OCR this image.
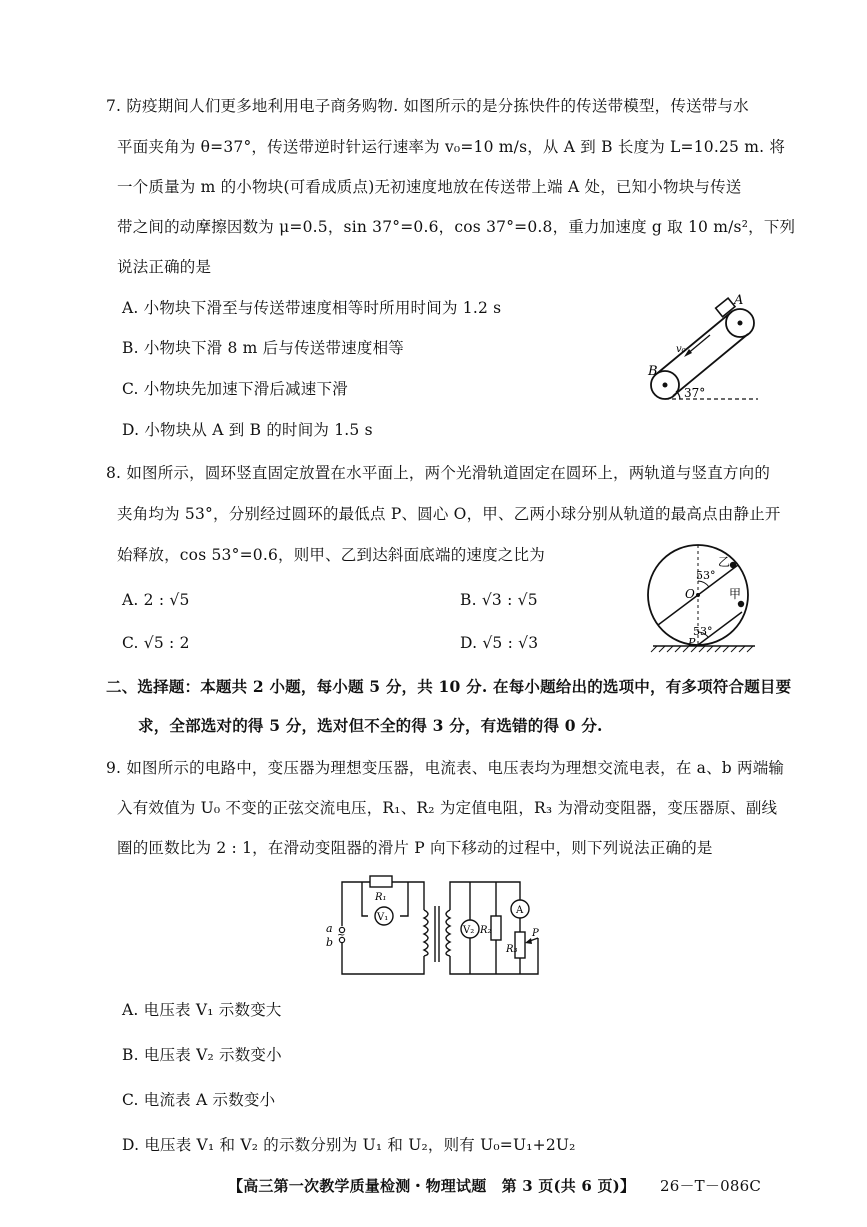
7. 防疫期间人们更多地利用电子商务购物. 如图所示的是分拣快件的传送带模型，传送带与水
平面夹角为 θ=37°，传送带逆时针运行速率为 v₀=10 m/s，从 A 到 B 长度为 L=10.25 m. 将
一个质量为 m 的小物块(可看成质点)无初速度地放在传送带上端 A 处，已知小物块与传送
带之间的动摩擦因数为 μ=0.5，sin 37°=0.6，cos 37°=0.8，重力加速度 g 取 10 m/s²，下列
说法正确的是
A. 小物块下滑至与传送带速度相等时所用时间为 1.2 s
B. 小物块下滑 8 m 后与传送带速度相等
C. 小物块先加速下滑后减速下滑
D. 小物块从 A 到 B 的时间为 1.5 s
A
B
v₀
37°
8. 如图所示，圆环竖直固定放置在水平面上，两个光滑轨道固定在圆环上，两轨道与竖直方向的
夹角均为 53°，分别经过圆环的最低点 P、圆心 O，甲、乙两小球分别从轨道的最高点由静止开
始释放，cos 53°=0.6，则甲、乙到达斜面底端的速度之比为
A. 2 : √5	B. √3 : √5
C. √5 : 2	D. √5 : √3
乙
甲
O
P
53°
53°
二、选择题：本题共 2 小题，每小题 5 分，共 10 分. 在每小题给出的选项中，有多项符合题目要
求，全部选对的得 5 分，选对但不全的得 3 分，有选错的得 0 分.
9. 如图所示的电路中，变压器为理想变压器，电流表、电压表均为理想交流电表，在 a、b 两端输
入有效值为 U₀ 不变的正弦交流电压，R₁、R₂ 为定值电阻，R₃ 为滑动变阻器，变压器原、副线
圈的匝数比为 2 : 1，在滑动变阻器的滑片 P 向下移动的过程中，则下列说法正确的是
a
b
~
R₁
V₁
V₂ R₂
A
R₃
P
A. 电压表 V₁ 示数变大
B. 电压表 V₂ 示数变小
C. 电流表 A 示数变小
D. 电压表 V₁ 和 V₂ 的示数分别为 U₁ 和 U₂，则有 U₀=U₁+2U₂
【高三第一次教学质量检测・物理试题　第 3 页(共 6 页)】 26－T－086C
